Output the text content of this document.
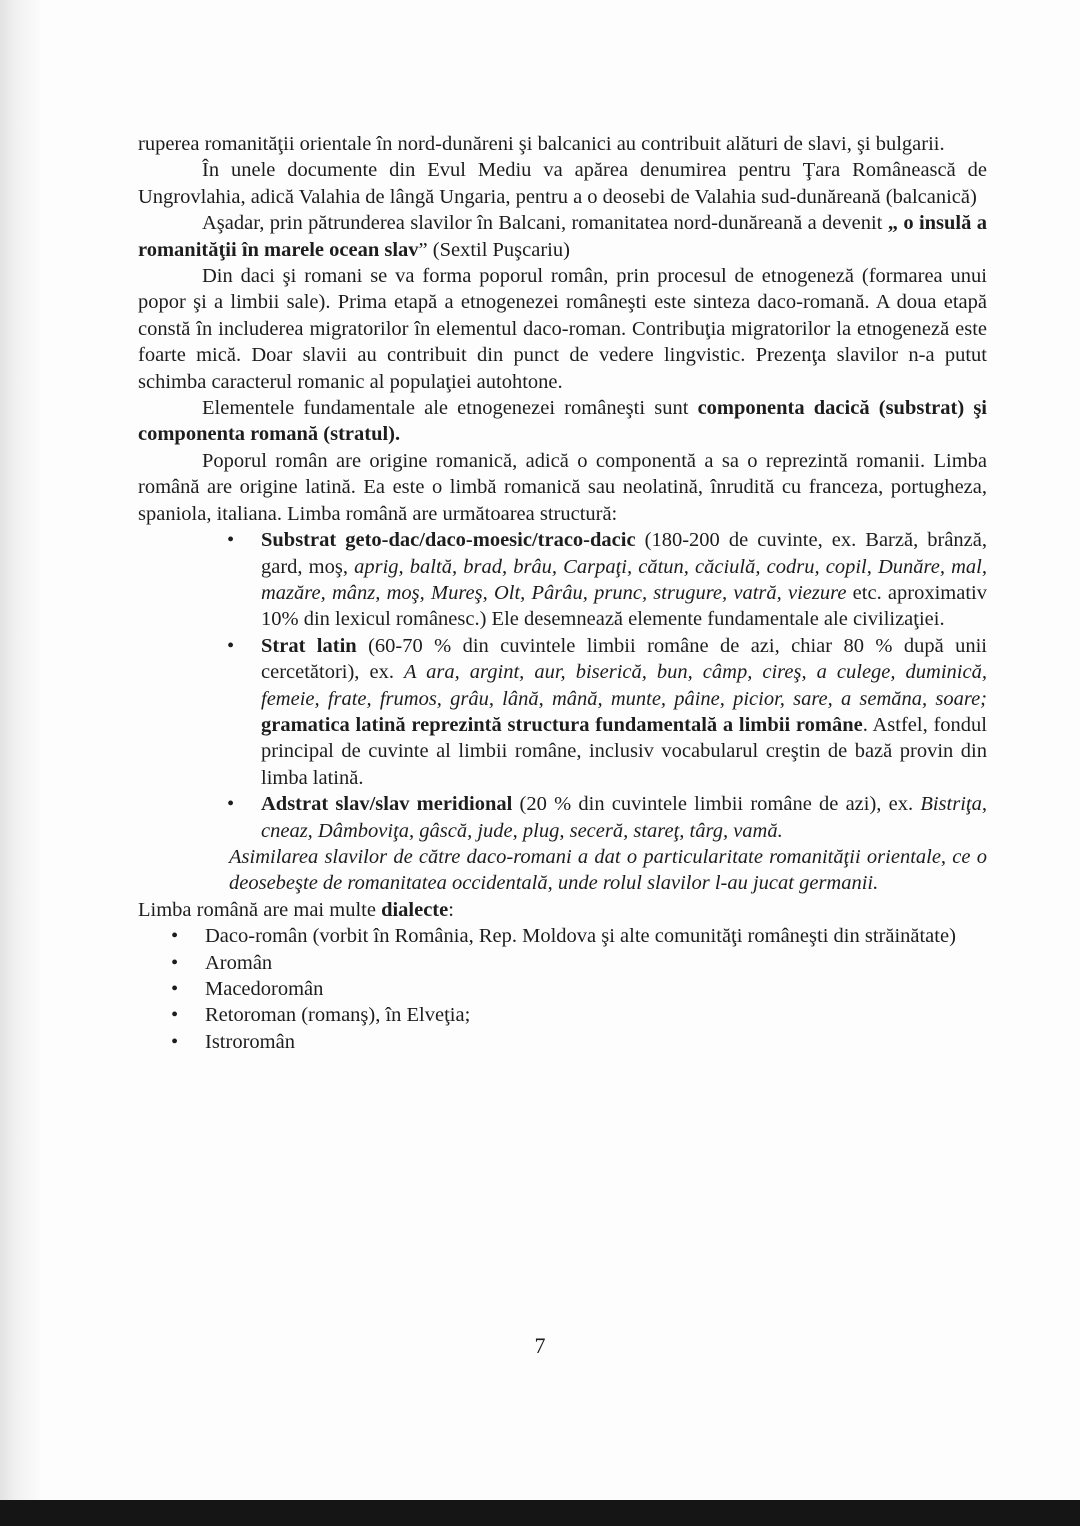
ruperea romanităţii orientale în nord-dunăreni şi balcanici au contribuit alături de slavi, şi bulgarii.

În unele documente din Evul Mediu va apărea denumirea pentru Ţara Românească de Ungrovlahia, adică Valahia de lângă Ungaria, pentru a o deosebi de Valahia sud-dunăreană (balcanică)

Aşadar, prin pătrunderea slavilor în Balcani, romanitatea nord-dunăreană a devenit „ o insulă a romanităţii în marele ocean slav” (Sextil Puşcariu)

Din daci şi romani se va forma poporul român, prin procesul de etnogeneză (formarea unui popor şi a limbii sale). Prima etapă a etnogenezei româneşti este sinteza daco-romană. A doua etapă constă în includerea migratorilor în elementul daco-roman. Contribuţia migratorilor la etnogeneză este foarte mică. Doar slavii au contribuit din punct de vedere lingvistic. Prezenţa slavilor n-a putut schimba caracterul romanic al populaţiei autohtone.

Elementele fundamentale ale etnogenezei româneşti sunt componenta dacică (substrat) şi componenta romană (stratul).

Poporul român are origine romanică, adică o componentă a sa o reprezintă romanii. Limba română are origine latină. Ea este o limbă romanică sau neolatină, înrudită cu franceza, portugheza, spaniola, italiana. Limba română are următoarea structură:

• Substrat geto-dac/daco-moesic/traco-dacic (180-200 de cuvinte, ex. Barză, brânză, gard, moş, aprig, baltă, brad, brâu, Carpaţi, cătun, căciulă, codru, copil, Dunăre, mal, mazăre, mânz, moş, Mureş, Olt, Pârâu, prunc, strugure, vatră, viezure etc. aproximativ 10% din lexicul românesc.) Ele desemnează elemente fundamentale ale civilizaţiei.
• Strat latin (60-70 % din cuvintele limbii române de azi, chiar 80 % după unii cercetători), ex. A ara, argint, aur, biserică, bun, câmp, cireş, a culege, duminică, femeie, frate, frumos, grâu, lână, mână, munte, pâine, picior, sare, a semăna, soare; gramatica latină reprezintă structura fundamentală a limbii române. Astfel, fondul principal de cuvinte al limbii române, inclusiv vocabularul creştin de bază provin din limba latină.
• Adstrat slav/slav meridional (20 % din cuvintele limbii române de azi), ex. Bistriţa, cneaz, Dâmboviţa, gâscă, jude, plug, seceră, stareţ, târg, vamă.

Asimilarea slavilor de către daco-romani a dat o particularitate romanităţii orientale, ce o deosebeşte de romanitatea occidentală, unde rolul slavilor l-au jucat germanii.

Limba română are mai multe dialecte:

• Daco-român (vorbit în România, Rep. Moldova şi alte comunităţi româneşti din străinătate)
• Aromân
• Macedoromân
• Retoroman (romanş), în Elveţia;
• Istroromân
7
